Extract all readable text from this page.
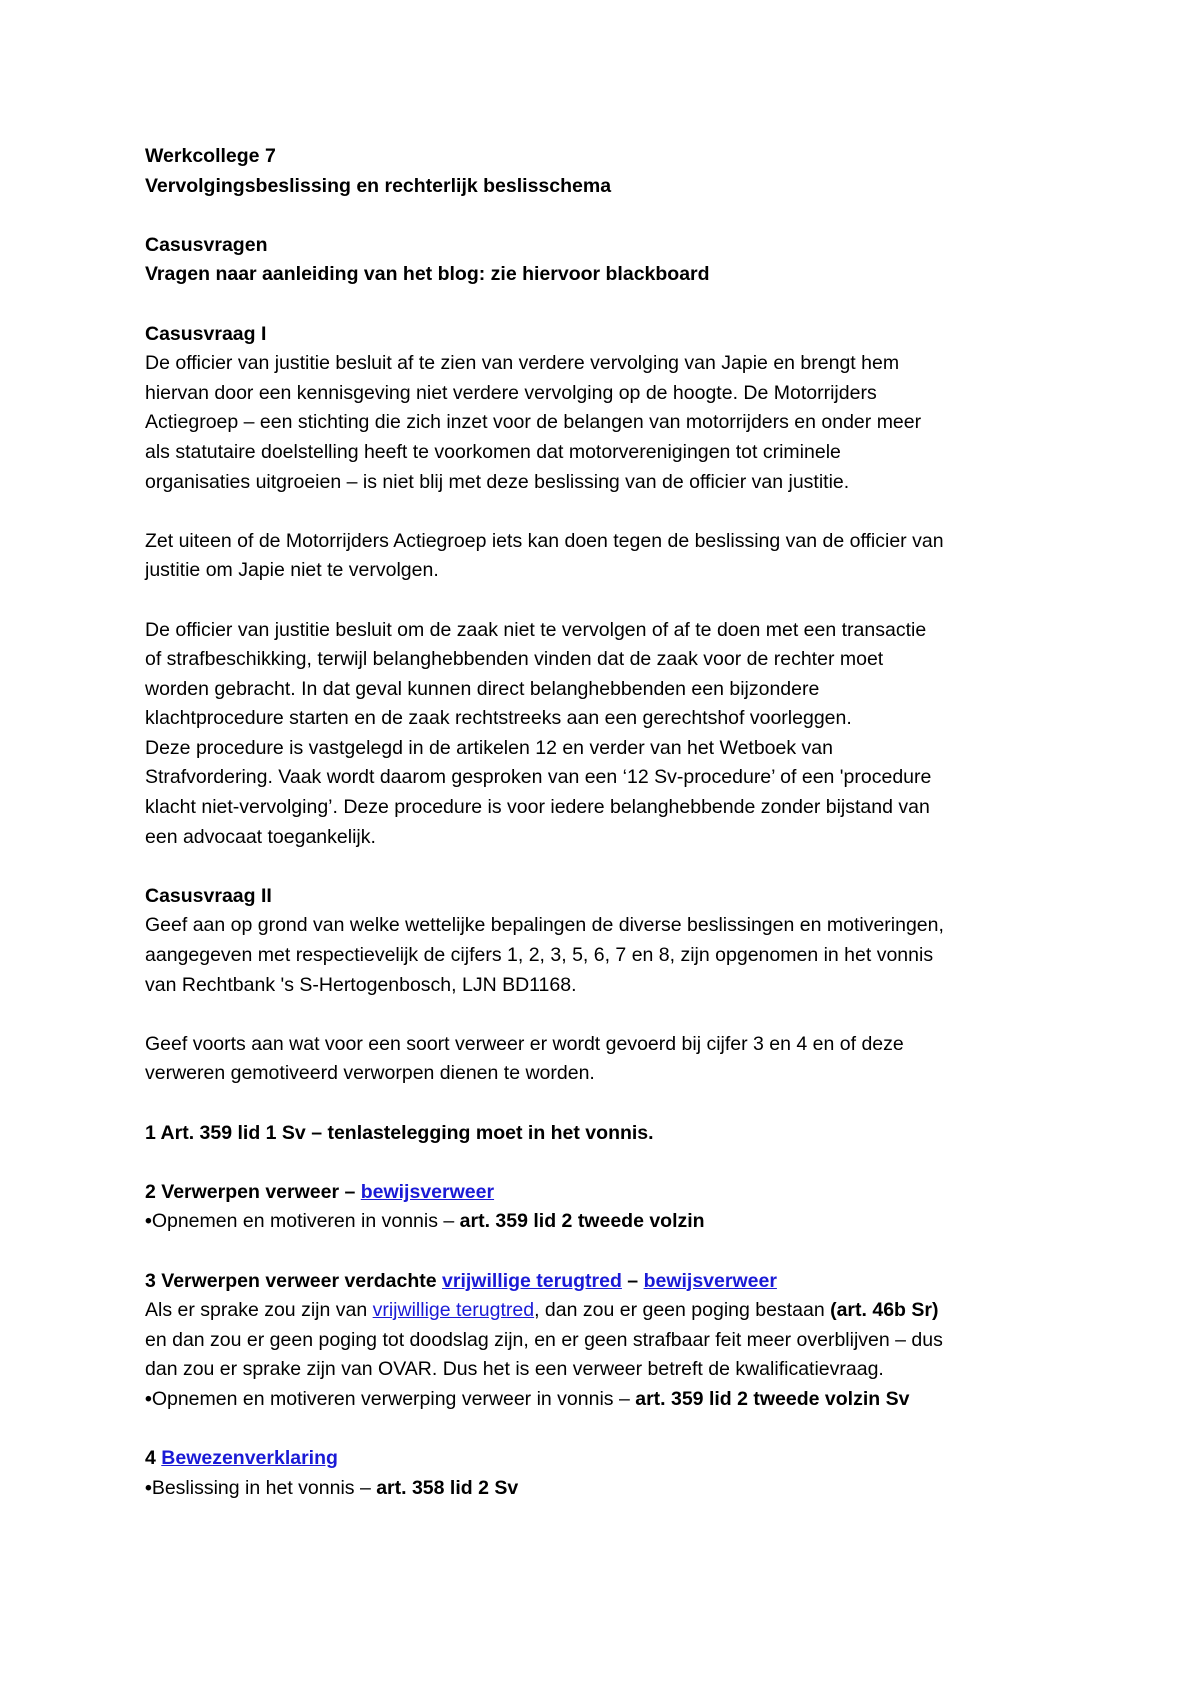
Werkcollege 7

Vervolgingsbeslissing en rechterlijk beslisschema

Casusvragen

Vragen naar aanleiding van het blog: zie hiervoor blackboard

Casusvraag I

De officier van justitie besluit af te zien van verdere vervolging van Japie en brengt hem

hiervan door een kennisgeving niet verdere vervolging op de hoogte. De Motorrijders

Actiegroep – een stichting die zich inzet voor de belangen van motorrijders en onder meer

als statutaire doelstelling heeft te voorkomen dat motorverenigingen tot criminele

organisaties uitgroeien – is niet blij met deze beslissing van de officier van justitie.

Zet uiteen of de Motorrijders Actiegroep iets kan doen tegen de beslissing van de officier van

justitie om Japie niet te vervolgen.

De officier van justitie besluit om de zaak niet te vervolgen of af te doen met een transactie

of strafbeschikking, terwijl belanghebbenden vinden dat de zaak voor de rechter moet

worden gebracht. In dat geval kunnen direct belanghebbenden een bijzondere

klachtprocedure starten en de zaak rechtstreeks aan een gerechtshof voorleggen.

Deze procedure is vastgelegd in de artikelen 12 en verder van het Wetboek van

Strafvordering. Vaak wordt daarom gesproken van een ‘12 Sv-procedure’ of een 'procedure

klacht niet-vervolging’. Deze procedure is voor iedere belanghebbende zonder bijstand van

een advocaat toegankelijk.

Casusvraag II

Geef aan op grond van welke wettelijke bepalingen de diverse beslissingen en motiveringen,

aangegeven met respectievelijk de cijfers 1, 2, 3, 5, 6, 7 en 8, zijn opgenomen in het vonnis

van Rechtbank 's S-Hertogenbosch, LJN BD1168.

Geef voorts aan wat voor een soort verweer er wordt gevoerd bij cijfer 3 en 4 en of deze

verweren gemotiveerd verworpen dienen te worden.

1 Art. 359 lid 1 Sv – tenlastelegging moet in het vonnis.

2 Verwerpen verweer – bewijsverweer

•Opnemen en motiveren in vonnis – art. 359 lid 2 tweede volzin

3 Verwerpen verweer verdachte vrijwillige terugtred – bewijsverweer

Als er sprake zou zijn van vrijwillige terugtred, dan zou er geen poging bestaan (art. 46b Sr)

en dan zou er geen poging tot doodslag zijn, en er geen strafbaar feit meer overblijven – dus

dan zou er sprake zijn van OVAR. Dus het is een verweer betreft de kwalificatievraag.

•Opnemen en motiveren verwerping verweer in vonnis – art. 359 lid 2 tweede volzin Sv

4 Bewezenverklaring

•Beslissing in het vonnis – art. 358 lid 2 Sv
